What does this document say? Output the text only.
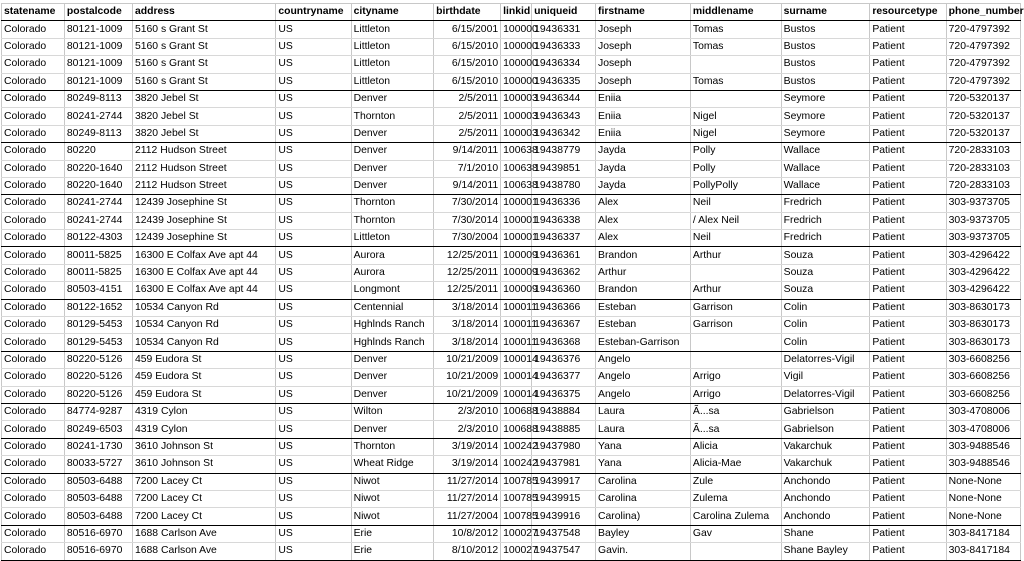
statename	postalcode	address	countryname	cityname	birthdate	linkid	uniqueid	firstname	middlename	surname	resourcetype	phone_number
Colorado	80121-1009	5160 s Grant St	US	Littleton	6/15/2001	100000	19436331	Joseph	Tomas	Bustos	Patient	720-4797392
Colorado	80121-1009	5160 s Grant St	US	Littleton	6/15/2010	100000	19436333	Joseph	Tomas	Bustos	Patient	720-4797392
Colorado	80121-1009	5160 s Grant St	US	Littleton	6/15/2010	100000	19436334	Joseph		Bustos	Patient	720-4797392
Colorado	80121-1009	5160 s Grant St	US	Littleton	6/15/2010	100000	19436335	Joseph	Tomas	Bustos	Patient	720-4797392
Colorado	80249-8113	3820 Jebel St	US	Denver	2/5/2011	100003	19436344	Eniia		Seymore	Patient	720-5320137
Colorado	80241-2744	3820 Jebel St	US	Thornton	2/5/2011	100003	19436343	Eniia	Nigel	Seymore	Patient	720-5320137
Colorado	80249-8113	3820 Jebel St	US	Denver	2/5/2011	100003	19436342	Eniia	Nigel	Seymore	Patient	720-5320137
Colorado	80220	2112 Hudson Street	US	Denver	9/14/2011	100638	19438779	Jayda	Polly	Wallace	Patient	720-2833103
Colorado	80220-1640	2112 Hudson Street	US	Denver	7/1/2010	100638	19439851	Jayda	Polly	Wallace	Patient	720-2833103
Colorado	80220-1640	2112 Hudson Street	US	Denver	9/14/2011	100638	19438780	Jayda	PollyPolly	Wallace	Patient	720-2833103
Colorado	80241-2744	12439 Josephine St	US	Thornton	7/30/2014	100001	19436336	Alex	Neil	Fredrich	Patient	303-9373705
Colorado	80241-2744	12439 Josephine St	US	Thornton	7/30/2014	100001	19436338	Alex	/ Alex Neil	Fredrich	Patient	303-9373705
Colorado	80122-4303	12439 Josephine St	US	Littleton	7/30/2004	100001	19436337	Alex	Neil	Fredrich	Patient	303-9373705
Colorado	80011-5825	16300 E Colfax Ave apt 44	US	Aurora	12/25/2011	100009	19436361	Brandon	Arthur	Souza	Patient	303-4296422
Colorado	80011-5825	16300 E Colfax Ave apt 44	US	Aurora	12/25/2011	100009	19436362	Arthur		Souza	Patient	303-4296422
Colorado	80503-4151	16300 E Colfax Ave apt 44	US	Longmont	12/25/2011	100009	19436360	Brandon	Arthur	Souza	Patient	303-4296422
Colorado	80122-1652	10534 Canyon Rd	US	Centennial	3/18/2014	100011	19436366	Esteban	Garrison	Colin	Patient	303-8630173
Colorado	80129-5453	10534 Canyon Rd	US	Hghlnds Ranch	3/18/2014	100011	19436367	Esteban	Garrison	Colin	Patient	303-8630173
Colorado	80129-5453	10534 Canyon Rd	US	Hghlnds Ranch	3/18/2014	100011	19436368	Esteban-Garrison		Colin	Patient	303-8630173
Colorado	80220-5126	459 Eudora St	US	Denver	10/21/2009	100014	19436376	Angelo		Delatorres-Vigil	Patient	303-6608256
Colorado	80220-5126	459 Eudora St	US	Denver	10/21/2009	100014	19436377	Angelo	Arrigo	Vigil	Patient	303-6608256
Colorado	80220-5126	459 Eudora St	US	Denver	10/21/2009	100014	19436375	Angelo	Arrigo	Delatorres-Vigil	Patient	303-6608256
Colorado	84774-9287	4319 Cylon	US	Wilton	2/3/2010	100688	19438884	Laura	Ã...sa	Gabrielson	Patient	303-4708006
Colorado	80249-6503	4319 Cylon	US	Denver	2/3/2010	100688	19438885	Laura	Ã...sa	Gabrielson	Patient	303-4708006
Colorado	80241-1730	3610 Johnson St	US	Thornton	3/19/2014	100242	19437980	Yana	Alicia	Vakarchuk	Patient	303-9488546
Colorado	80033-5727	3610 Johnson St	US	Wheat Ridge	3/19/2014	100242	19437981	Yana	Alicia-Mae	Vakarchuk	Patient	303-9488546
Colorado	80503-6488	7200 Lacey Ct	US	Niwot	11/27/2014	100785	19439917	Carolina	Zule	Anchondo	Patient	None-None
Colorado	80503-6488	7200 Lacey Ct	US	Niwot	11/27/2014	100785	19439915	Carolina	Zulema	Anchondo	Patient	None-None
Colorado	80503-6488	7200 Lacey Ct	US	Niwot	11/27/2004	100785	19439916	Carolina)	Carolina Zulema	Anchondo	Patient	None-None
Colorado	80516-6970	1688 Carlson Ave	US	Erie	10/8/2012	100027	19437548	Bayley	Gav	Shane	Patient	303-8417184
Colorado	80516-6970	1688 Carlson Ave	US	Erie	8/10/2012	100027	19437547	Gavin.		Shane Bayley	Patient	303-8417184
